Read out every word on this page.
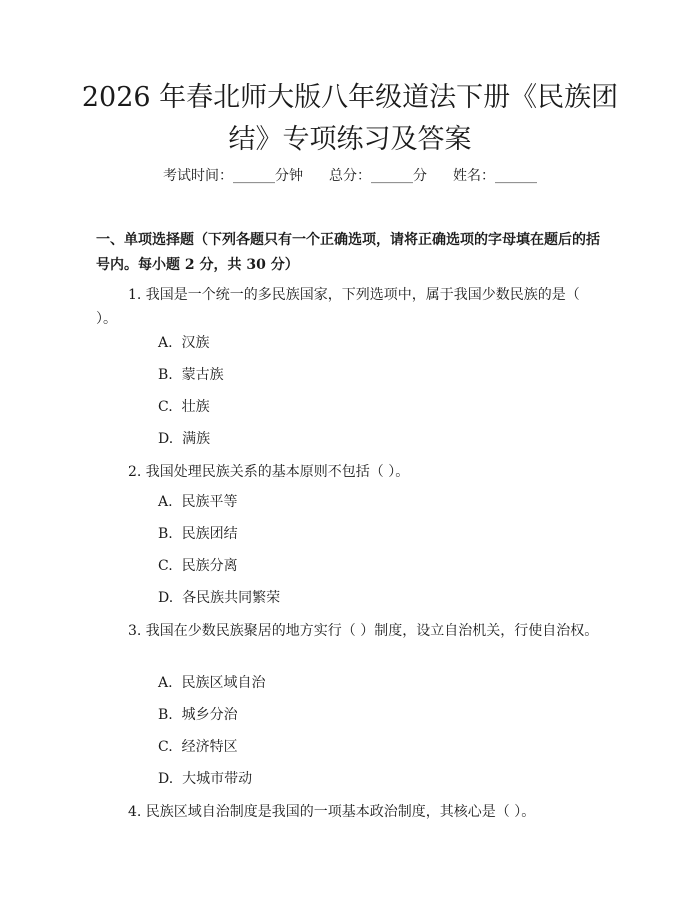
2026 年春北师大版八年级道法下册《民族团
结》专项练习及答案
考试时间：______分钟 总分：______分 姓名：______
一、单项选择题（下列各题只有一个正确选项，请将正确选项的字母填在题后的括号内。每小题 2 分，共 30 分）
1. 我国是一个统一的多民族国家，下列选项中，属于我国少数民族的是（ ）。
A.  汉族
B.  蒙古族
C.  壮族
D.  满族
2. 我国处理民族关系的基本原则不包括（ ）。
A.  民族平等
B.  民族团结
C.  民族分离
D.  各民族共同繁荣
3. 我国在少数民族聚居的地方实行（ ）制度，设立自治机关，行使自治权。
A.  民族区域自治
B.  城乡分治
C.  经济特区
D.  大城市带动
4. 民族区域自治制度是我国的一项基本政治制度，其核心是（ ）。
